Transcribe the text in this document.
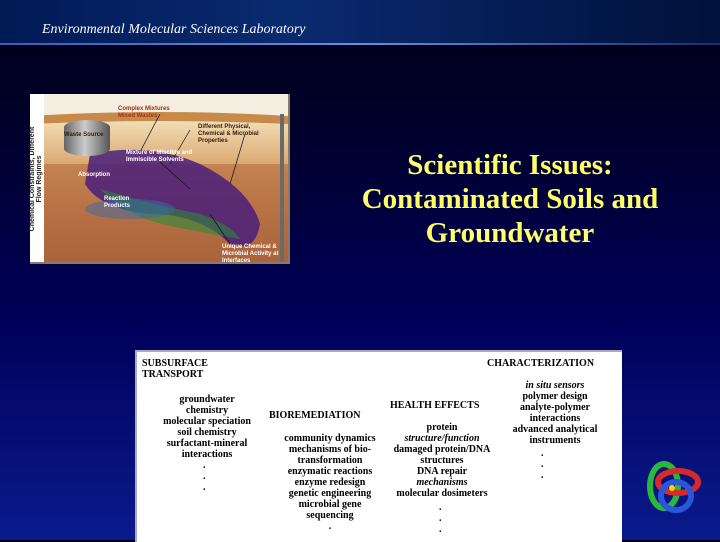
Environmental Molecular Sciences Laboratory
Chemical Constraints, Different Flow Regimes
Complex Mixtures Mixed Wastes
Waste Source
Different Physical, Chemical & Microbial Properties
Mixture of Miscible and Immiscible Solvents
Absorption
Reaction Products
Unique Chemical & Microbial Activity at Interfaces
Scientific Issues:
Contaminated Soils and
Groundwater
SUBSURFACE
TRANSPORT
groundwater
chemistry
molecular speciation
soil chemistry
surfactant-mineral
interactions
.
.
.
BIOREMEDIATION
community dynamics
mechanisms of bio-
transformation
enzymatic reactions
enzyme redesign
genetic engineering
microbial gene
sequencing
.
HEALTH EFFECTS
protein
structure/function
damaged protein/DNA
structures
DNA repair
mechanisms
molecular dosimeters
.
.
.
CHARACTERIZATION
in situ sensors
polymer design
analyte-polymer
interactions
advanced analytical
instruments
.
.
.
